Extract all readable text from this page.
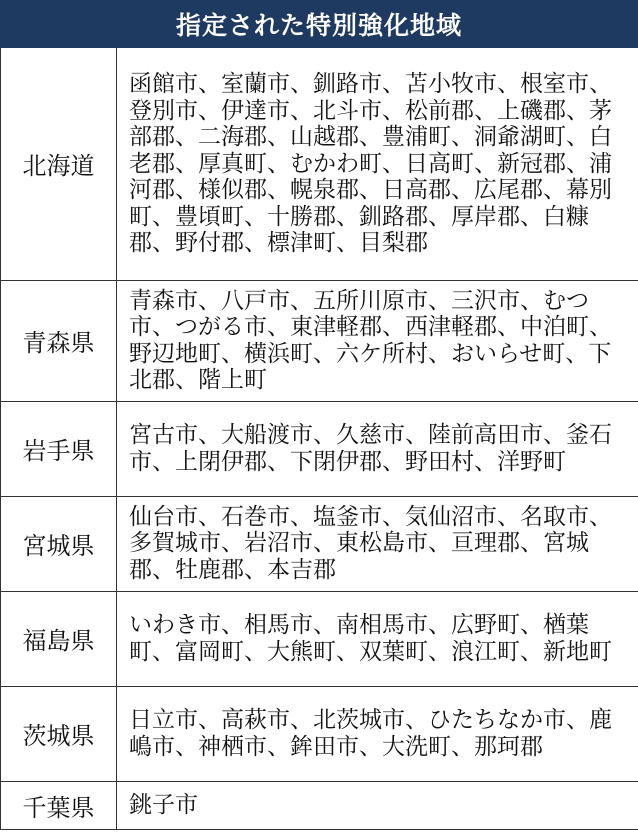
指定された特別強化地域
北海道	函館市、室蘭市、釧路市、苫小牧市、根室市、登別市、伊達市、北斗市、松前郡、上磯郡、茅部郡、二海郡、山越郡、豊浦町、洞爺湖町、白老郡、厚真町、むかわ町、日高町、新冠郡、浦河郡、様似郡、幌泉郡、日高郡、広尾郡、幕別町、豊頃町、十勝郡、釧路郡、厚岸郡、白糠郡、野付郡、標津町、目梨郡
青森県	青森市、八戸市、五所川原市、三沢市、むつ市、つがる市、東津軽郡、西津軽郡、中泊町、野辺地町、横浜町、六ケ所村、おいらせ町、下北郡、階上町
岩手県	宮古市、大船渡市、久慈市、陸前高田市、釜石市、上閉伊郡、下閉伊郡、野田村、洋野町
宮城県	仙台市、石巻市、塩釜市、気仙沼市、名取市、多賀城市、岩沼市、東松島市、亘理郡、宮城郡、牡鹿郡、本吉郡
福島県	いわき市、相馬市、南相馬市、広野町、楢葉町、富岡町、大熊町、双葉町、浪江町、新地町
茨城県	日立市、高萩市、北茨城市、ひたちなか市、鹿嶋市、神栖市、鉾田市、大洗町、那珂郡
千葉県	銚子市
